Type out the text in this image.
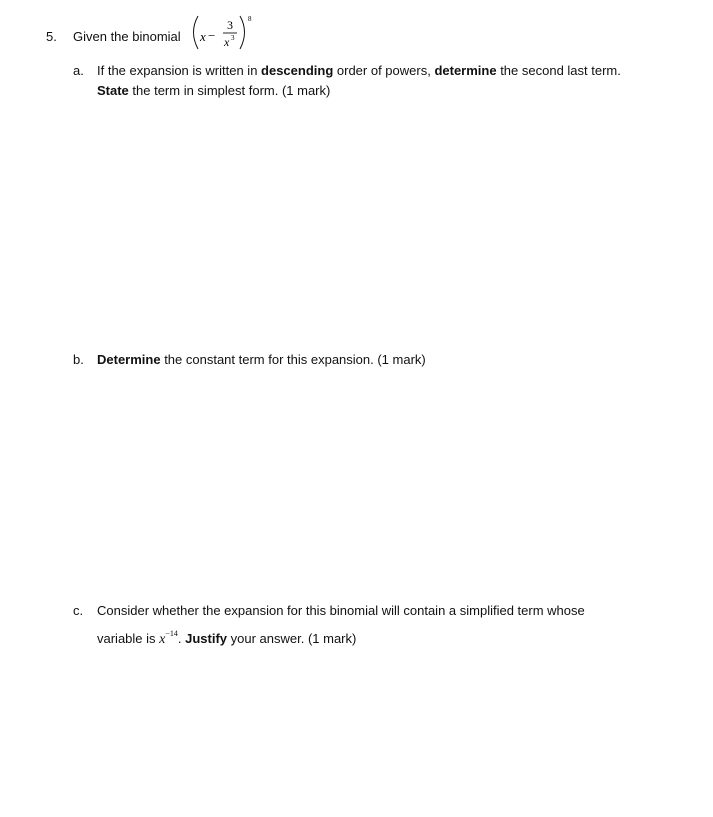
5. Given the binomial x −
3
x 3
8
a. If the expansion is written in descending order of powers, determine the second last term.
State the term in simplest form. (1 mark)
b. Determine the constant term for this expansion. (1 mark)
c. Consider whether the expansion for this binomial will contain a simplified term whose
variable is $x^{-14}$. Justify your answer. (1 mark)
